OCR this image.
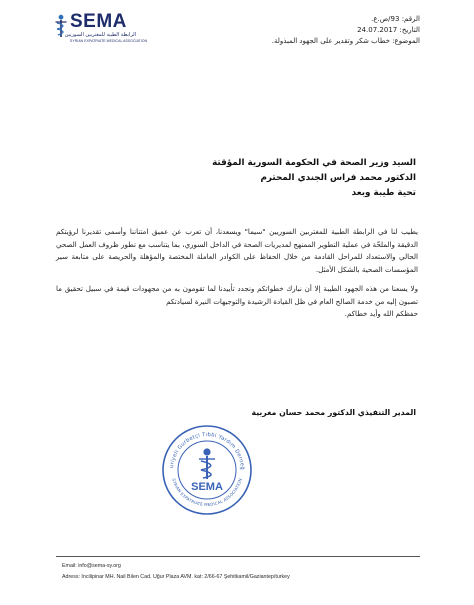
SEMA
الرابطة الطبية للمغتربين السوريين
SYRIAN EXPATRIATE MEDICAL ASSOCIATION
الرقم: 93/ص.ع.
التاريخ: 24.07.2017
الموضوع: خطاب شكر وتقدير على الجهود المبذولة.
السيد وزير الصحة في الحكومة السورية المؤقتة
الدكتور محمد فراس الجندي المحترم
تحية طيبة وبعد
يطيب لنا في الرابطة الطبية للمغتربين السوريين "سيما" ويسعدنا، أن تعرب عن عميق امتناننا وأسمى تقديرنا لرؤيتكم الدقيقة والملحّة في عملية التطوير الممنهج لمديريات الصحة في الداخل السوري، بما يتناسب مع تطور ظروف العمل الصحي الحالي والاستعداد للمراحل القادمة من خلال الحفاظ على الكوادر العاملة المختصة والمؤهلة والحريصة على متابعة سير المؤسسات الصحية بالشكل الأمثل.
ولا يسعنا من هذه الجهود الطيبة إلا أن نبارك خطواتكم ونجدد تأييدنا لما تقومون به من مجهودات قيمة في سبيل تحقيق ما تصبون إليه من خدمة الصالح العام في ظل القيادة الرشيدة والتوجيهات النيرة لسيادتكم
حفظكم الله وأيد خطاكم.
المدير التنفيذي الدكتور محمد حسان مغربية
uriyeli Gurbetçi Tıbbi Yardım Derneğ
SYRIAN EXPATRIATE MEDICAL ASSOCIATION
SEMA
Email: info@sema-sy.org
Adress: Incilipinar MH. Nail Bilen Cad. Uğur Plaza AVM. kat: 2/66-67 Şehitkamil/Gaziantep/turkey
